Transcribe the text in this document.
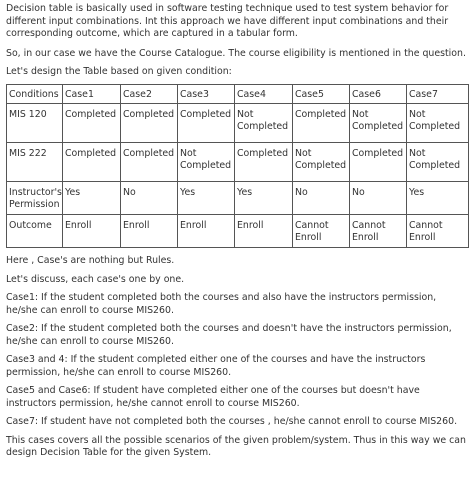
Decision table is basically used in software testing technique used to test system behavior for different input combinations. Int this approach we have different input combinations and their corresponding outcome, which are captured in a tabular form.

So, in our case we have the Course Catalogue. The course eligibility is mentioned in the question.

Let's design the Table based on given condition:

Conditions	Case1	Case2	Case3	Case4	Case5	Case6	Case7
MIS 120	Completed	Completed	Completed	Not Completed	Completed	Not Completed	Not Completed
MIS 222	Completed	Completed	Not Completed	Completed	Not Completed	Completed	Not Completed
Instructor's Permission	Yes	No	Yes	Yes	No	No	Yes
Outcome	Enroll	Enroll	Enroll	Enroll	Cannot Enroll	Cannot Enroll	Cannot Enroll

Here , Case's are nothing but Rules.

Let's discuss, each case's one by one.

Case1: If the student completed both the courses and also have the instructors permission, he/she can enroll to course MIS260.

Case2: If the student completed both the courses and doesn't have the instructors permission, he/she can enroll to course MIS260.

Case3 and 4: If the student completed either one of the courses and have the instructors permission, he/she can enroll to course MIS260.

Case5 and Case6: If student have completed either one of the courses but doesn't have instructors permission, he/she cannot enroll to course MIS260.

Case7: If student have not completed both the courses , he/she cannot enroll to course MIS260.

This cases covers all the possible scenarios of the given problem/system. Thus in this way we can design Decision Table for the given System.
